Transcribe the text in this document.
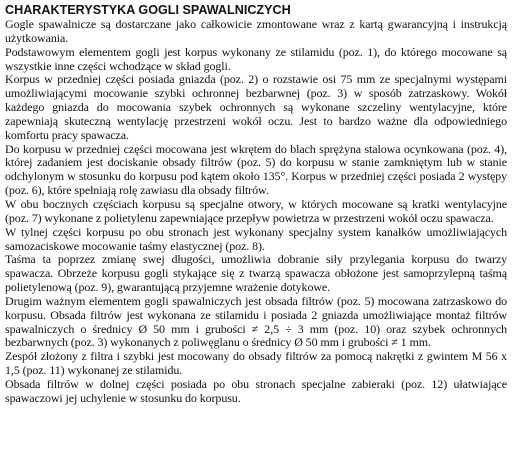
CHARAKTERYSTYKA GOGLI SPAWALNICZYCH

Gogle spawalnicze są dostarczane jako całkowicie zmontowane wraz z kartą gwarancyjną i instrukcją użytkowania.

Podstawowym elementem gogli jest korpus wykonany ze stilamidu (poz. 1), do którego mocowane są wszystkie inne części wchodzące w skład gogli.

Korpus w przedniej części posiada gniazda (poz. 2) o rozstawie osi 75 mm ze specjalnymi występami umożliwiającymi mocowanie szybki ochronnej bezbarwnej (poz. 3) w sposób zatrzaskowy. Wokół każdego gniazda do mocowania szybek ochronnych są wykonane szczeliny wentylacyjne, które zapewniają skuteczną wentylację przestrzeni wokół oczu. Jest to bardzo ważne dla odpowiedniego komfortu pracy spawacza.

Do korpusu w przedniej części mocowana jest wkrętem do blach sprężyna stalowa ocynkowana (poz. 4), której zadaniem jest dociskanie obsady filtrów (poz. 5) do korpusu w stanie zamkniętym lub w stanie odchylonym w stosunku do korpusu pod kątem około 135°. Korpus w przedniej części posiada 2 występy (poz. 6), które spełniają rolę zawiasu dla obsady filtrów.

W obu bocznych częściach korpusu są specjalne otwory, w których mocowane są kratki wentylacyjne (poz. 7) wykonane z polietylenu zapewniające przepływ powietrza w przestrzeni wokół oczu spawacza.

W tylnej części korpusu po obu stronach jest wykonany specjalny system kanałków umożliwiających samozaciskowe mocowanie taśmy elastycznej (poz. 8).

Taśma ta poprzez zmianę swej długości, umożliwia dobranie siły przylegania korpusu do twarzy spawacza. Obrzeże korpusu gogli stykające się z twarzą spawacza obłożone jest samoprzylepną taśmą polietylenową (poz. 9), gwarantującą przyjemne wrażenie dotykowe.

Drugim ważnym elementem gogli spawalniczych jest obsada filtrów (poz. 5) mocowana zatrzaskowo do korpusu. Obsada filtrów jest wykonana ze stilamidu i posiada 2 gniazda umożliwiające montaż filtrów spawalniczych o średnicy Ø 50 mm i grubości ≠ 2,5 ÷ 3 mm (poz. 10) oraz szybek ochronnych bezbarwnych (poz. 3) wykonanych z poliwęglanu o średnicy Ø 50 mm i grubości ≠ 1 mm.

Zespół złożony z filtra i szybki jest mocowany do obsady filtrów za pomocą nakrętki z gwintem M 56 x 1,5 (poz. 11) wykonanej ze stilamidu.

Obsada filtrów w dolnej części posiada po obu stronach specjalne zabieraki (poz. 12) ułatwiające spawaczowi jej uchylenie w stosunku do korpusu.
